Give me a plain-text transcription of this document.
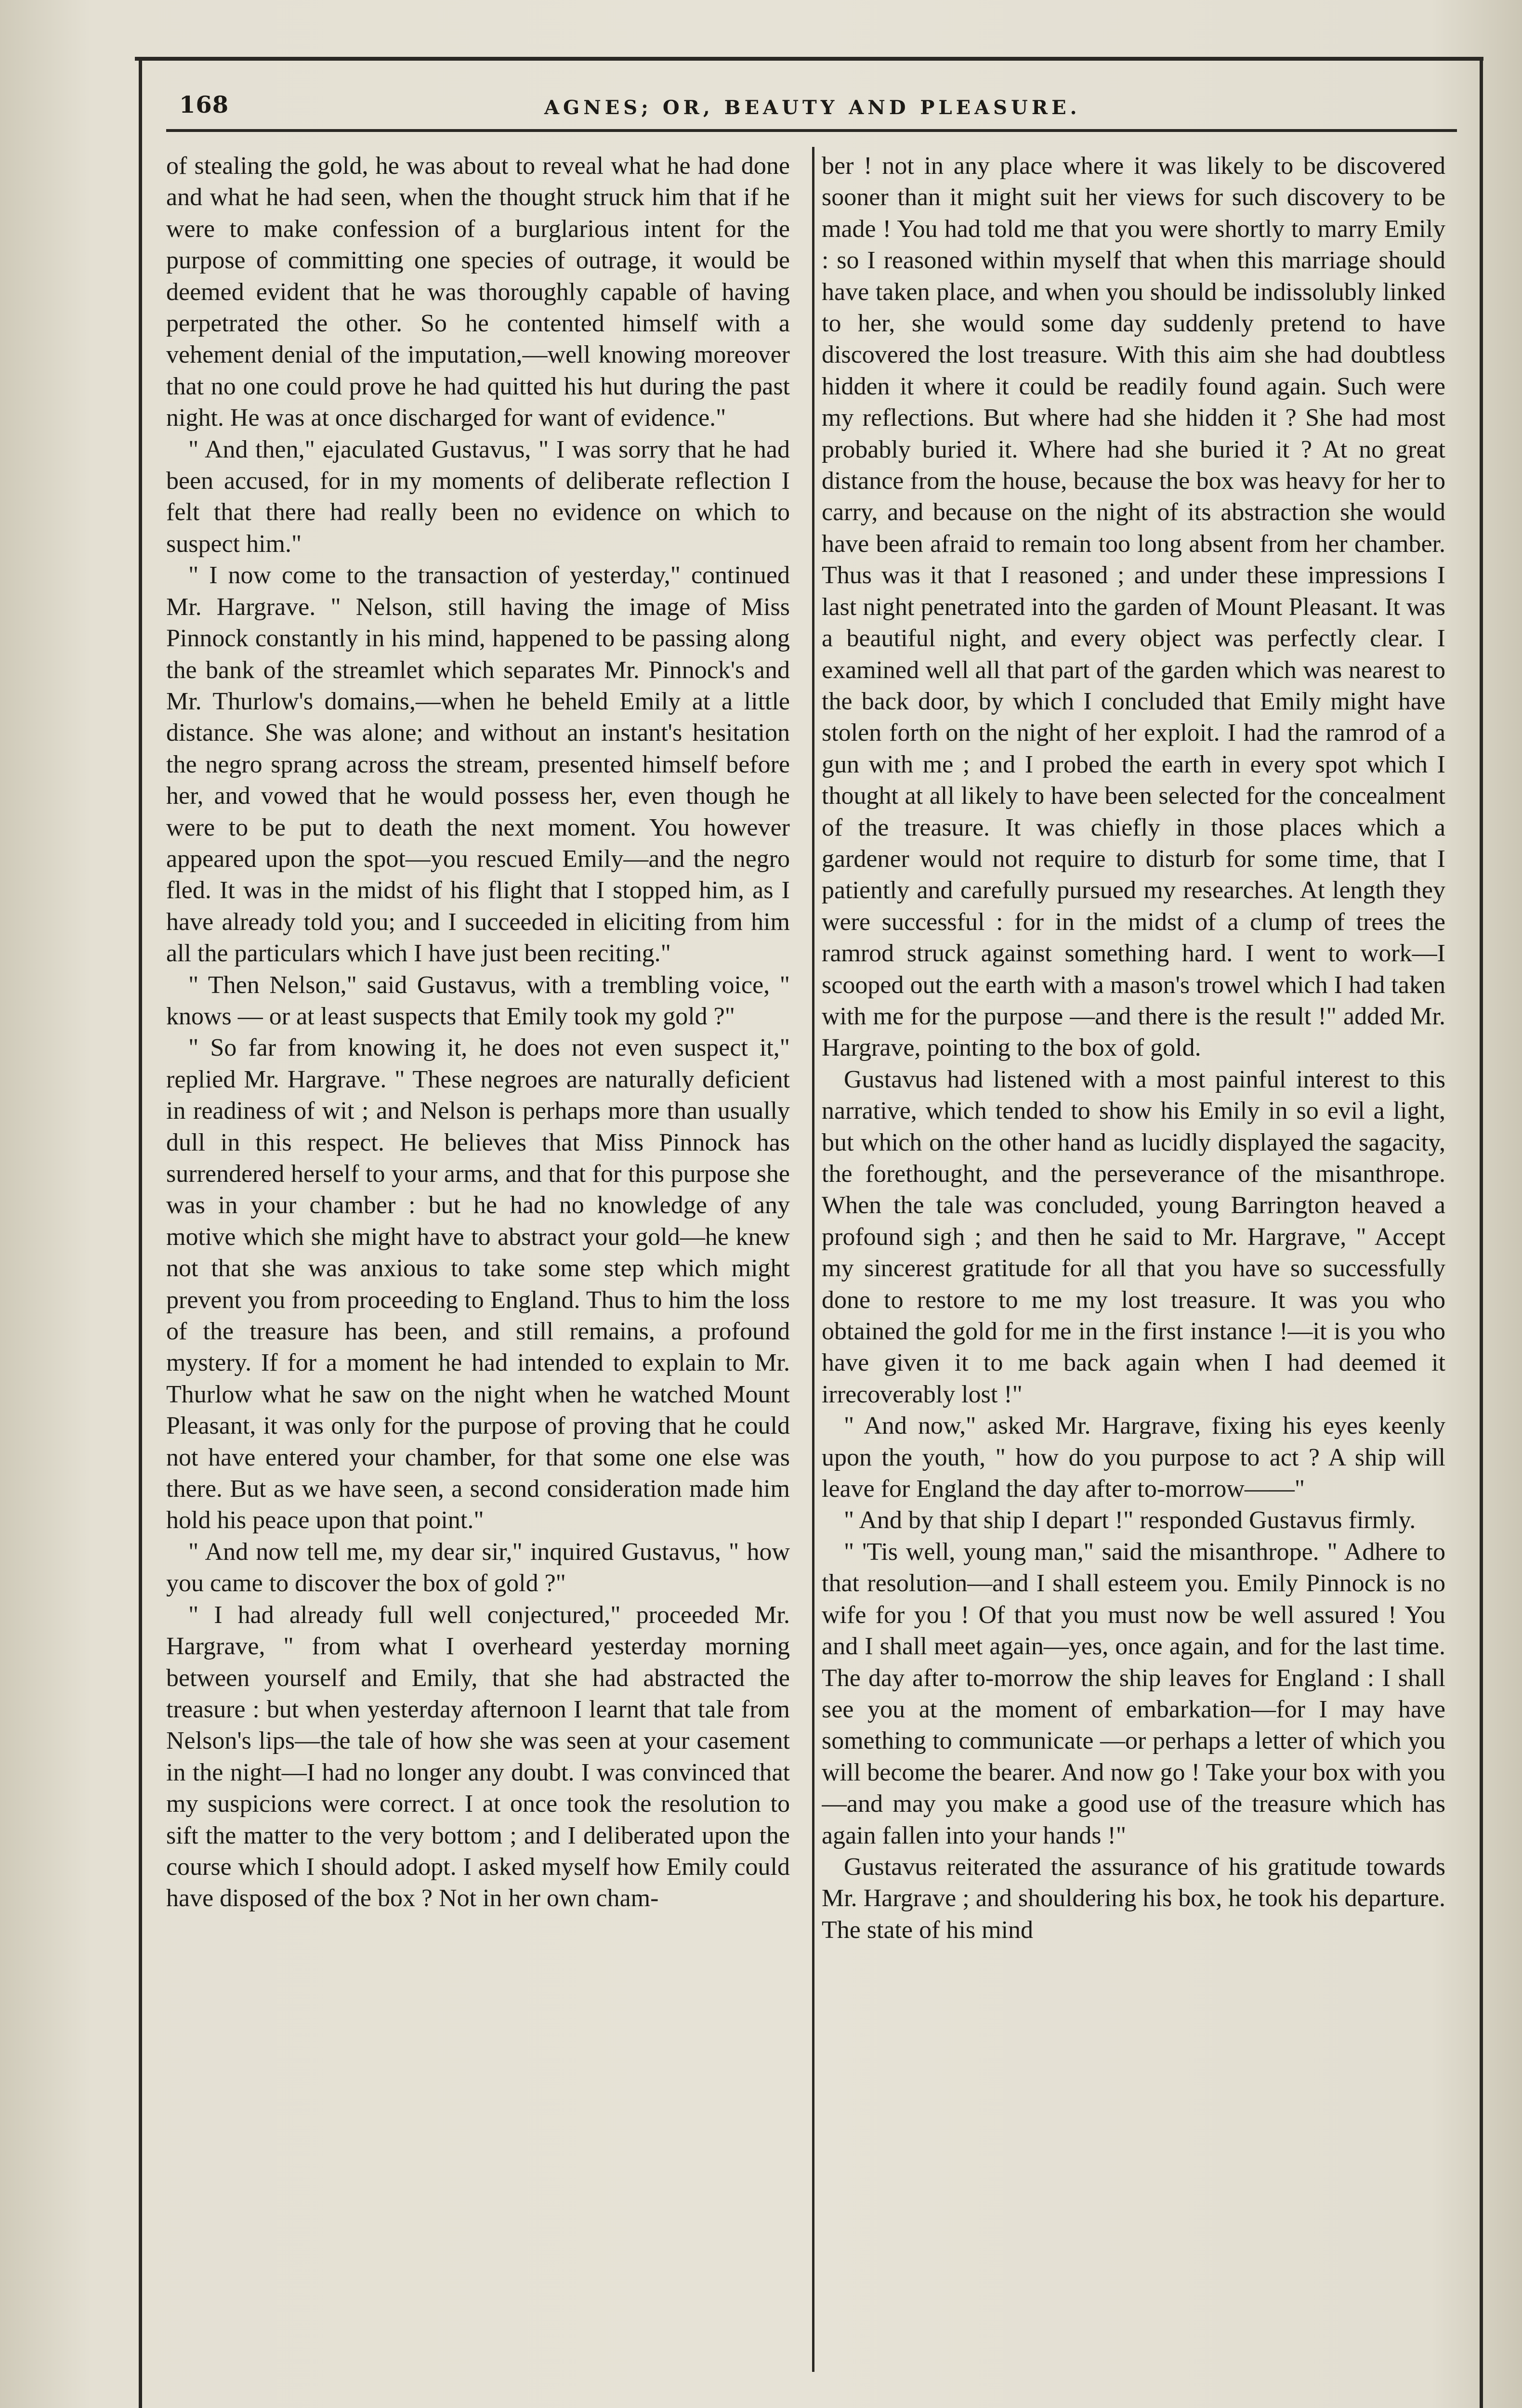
168	AGNES; OR, BEAUTY AND PLEASURE.

of stealing the gold, he was about to reveal what he had done and what he had seen, when the thought struck him that if he were to make confession of a burglarious intent for the purpose of committing one species of outrage, it would be deemed evident that he was thoroughly capable of having perpetrated the other. So he contented himself with a vehement denial of the imputation,—well knowing moreover that no one could prove he had quitted his hut during the past night. He was at once discharged for want of evidence."

" And then," ejaculated Gustavus, " I was sorry that he had been accused, for in my moments of deliberate reflection I felt that there had really been no evidence on which to suspect him."

" I now come to the transaction of yesterday," continued Mr. Hargrave. " Nelson, still having the image of Miss Pinnock constantly in his mind, happened to be passing along the bank of the streamlet which separates Mr. Pinnock's and Mr. Thurlow's domains,—when he beheld Emily at a little distance. She was alone; and without an instant's hesitation the negro sprang across the stream, presented himself before her, and vowed that he would possess her, even though he were to be put to death the next moment. You however appeared upon the spot—you rescued Emily—and the negro fled. It was in the midst of his flight that I stopped him, as I have already told you; and I succeeded in eliciting from him all the particulars which I have just been reciting."

" Then Nelson," said Gustavus, with a trembling voice, " knows — or at least suspects that Emily took my gold ?"

" So far from knowing it, he does not even suspect it," replied Mr. Hargrave. " These negroes are naturally deficient in readiness of wit ; and Nelson is perhaps more than usually dull in this respect. He believes that Miss Pinnock has surrendered herself to your arms, and that for this purpose she was in your chamber : but he had no knowledge of any motive which she might have to abstract your gold—he knew not that she was anxious to take some step which might prevent you from proceeding to England. Thus to him the loss of the treasure has been, and still remains, a profound mystery. If for a moment he had intended to explain to Mr. Thurlow what he saw on the night when he watched Mount Pleasant, it was only for the purpose of proving that he could not have entered your chamber, for that some one else was there. But as we have seen, a second consideration made him hold his peace upon that point."

" And now tell me, my dear sir," inquired Gustavus, " how you came to discover the box of gold ?"

" I had already full well conjectured," proceeded Mr. Hargrave, " from what I overheard yesterday morning between yourself and Emily, that she had abstracted the treasure : but when yesterday afternoon I learnt that tale from Nelson's lips—the tale of how she was seen at your casement in the night—I had no longer any doubt. I was convinced that my suspicions were correct. I at once took the resolution to sift the matter to the very bottom ; and I deliberated upon the course which I should adopt. I asked myself how Emily could have disposed of the box ? Not in her own cham-

ber ! not in any place where it was likely to be discovered sooner than it might suit her views for such discovery to be made ! You had told me that you were shortly to marry Emily : so I reasoned within myself that when this marriage should have taken place, and when you should be indissolubly linked to her, she would some day suddenly pretend to have discovered the lost treasure. With this aim she had doubtless hidden it where it could be readily found again. Such were my reflections. But where had she hidden it ? She had most probably buried it. Where had she buried it ? At no great distance from the house, because the box was heavy for her to carry, and because on the night of its abstraction she would have been afraid to remain too long absent from her chamber. Thus was it that I reasoned ; and under these impressions I last night penetrated into the garden of Mount Pleasant. It was a beautiful night, and every object was perfectly clear. I examined well all that part of the garden which was nearest to the back door, by which I concluded that Emily might have stolen forth on the night of her exploit. I had the ramrod of a gun with me ; and I probed the earth in every spot which I thought at all likely to have been selected for the concealment of the treasure. It was chiefly in those places which a gardener would not require to disturb for some time, that I patiently and carefully pursued my researches. At length they were successful : for in the midst of a clump of trees the ramrod struck against something hard. I went to work—I scooped out the earth with a mason's trowel which I had taken with me for the purpose —and there is the result !" added Mr. Hargrave, pointing to the box of gold.

Gustavus had listened with a most painful interest to this narrative, which tended to show his Emily in so evil a light, but which on the other hand as lucidly displayed the sagacity, the forethought, and the perseverance of the misanthrope. When the tale was concluded, young Barrington heaved a profound sigh ; and then he said to Mr. Hargrave, " Accept my sincerest gratitude for all that you have so successfully done to restore to me my lost treasure. It was you who obtained the gold for me in the first instance !—it is you who have given it to me back again when I had deemed it irrecoverably lost !"

" And now," asked Mr. Hargrave, fixing his eyes keenly upon the youth, " how do you purpose to act ? A ship will leave for England the day after to-morrow——"

" And by that ship I depart !" responded Gustavus firmly.

" 'Tis well, young man," said the misanthrope. " Adhere to that resolution—and I shall esteem you. Emily Pinnock is no wife for you ! Of that you must now be well assured ! You and I shall meet again—yes, once again, and for the last time. The day after to-morrow the ship leaves for England : I shall see you at the moment of embarkation—for I may have something to communicate —or perhaps a letter of which you will become the bearer. And now go ! Take your box with you—and may you make a good use of the treasure which has again fallen into your hands !"

Gustavus reiterated the assurance of his gratitude towards Mr. Hargrave ; and shouldering his box, he took his departure. The state of his mind
